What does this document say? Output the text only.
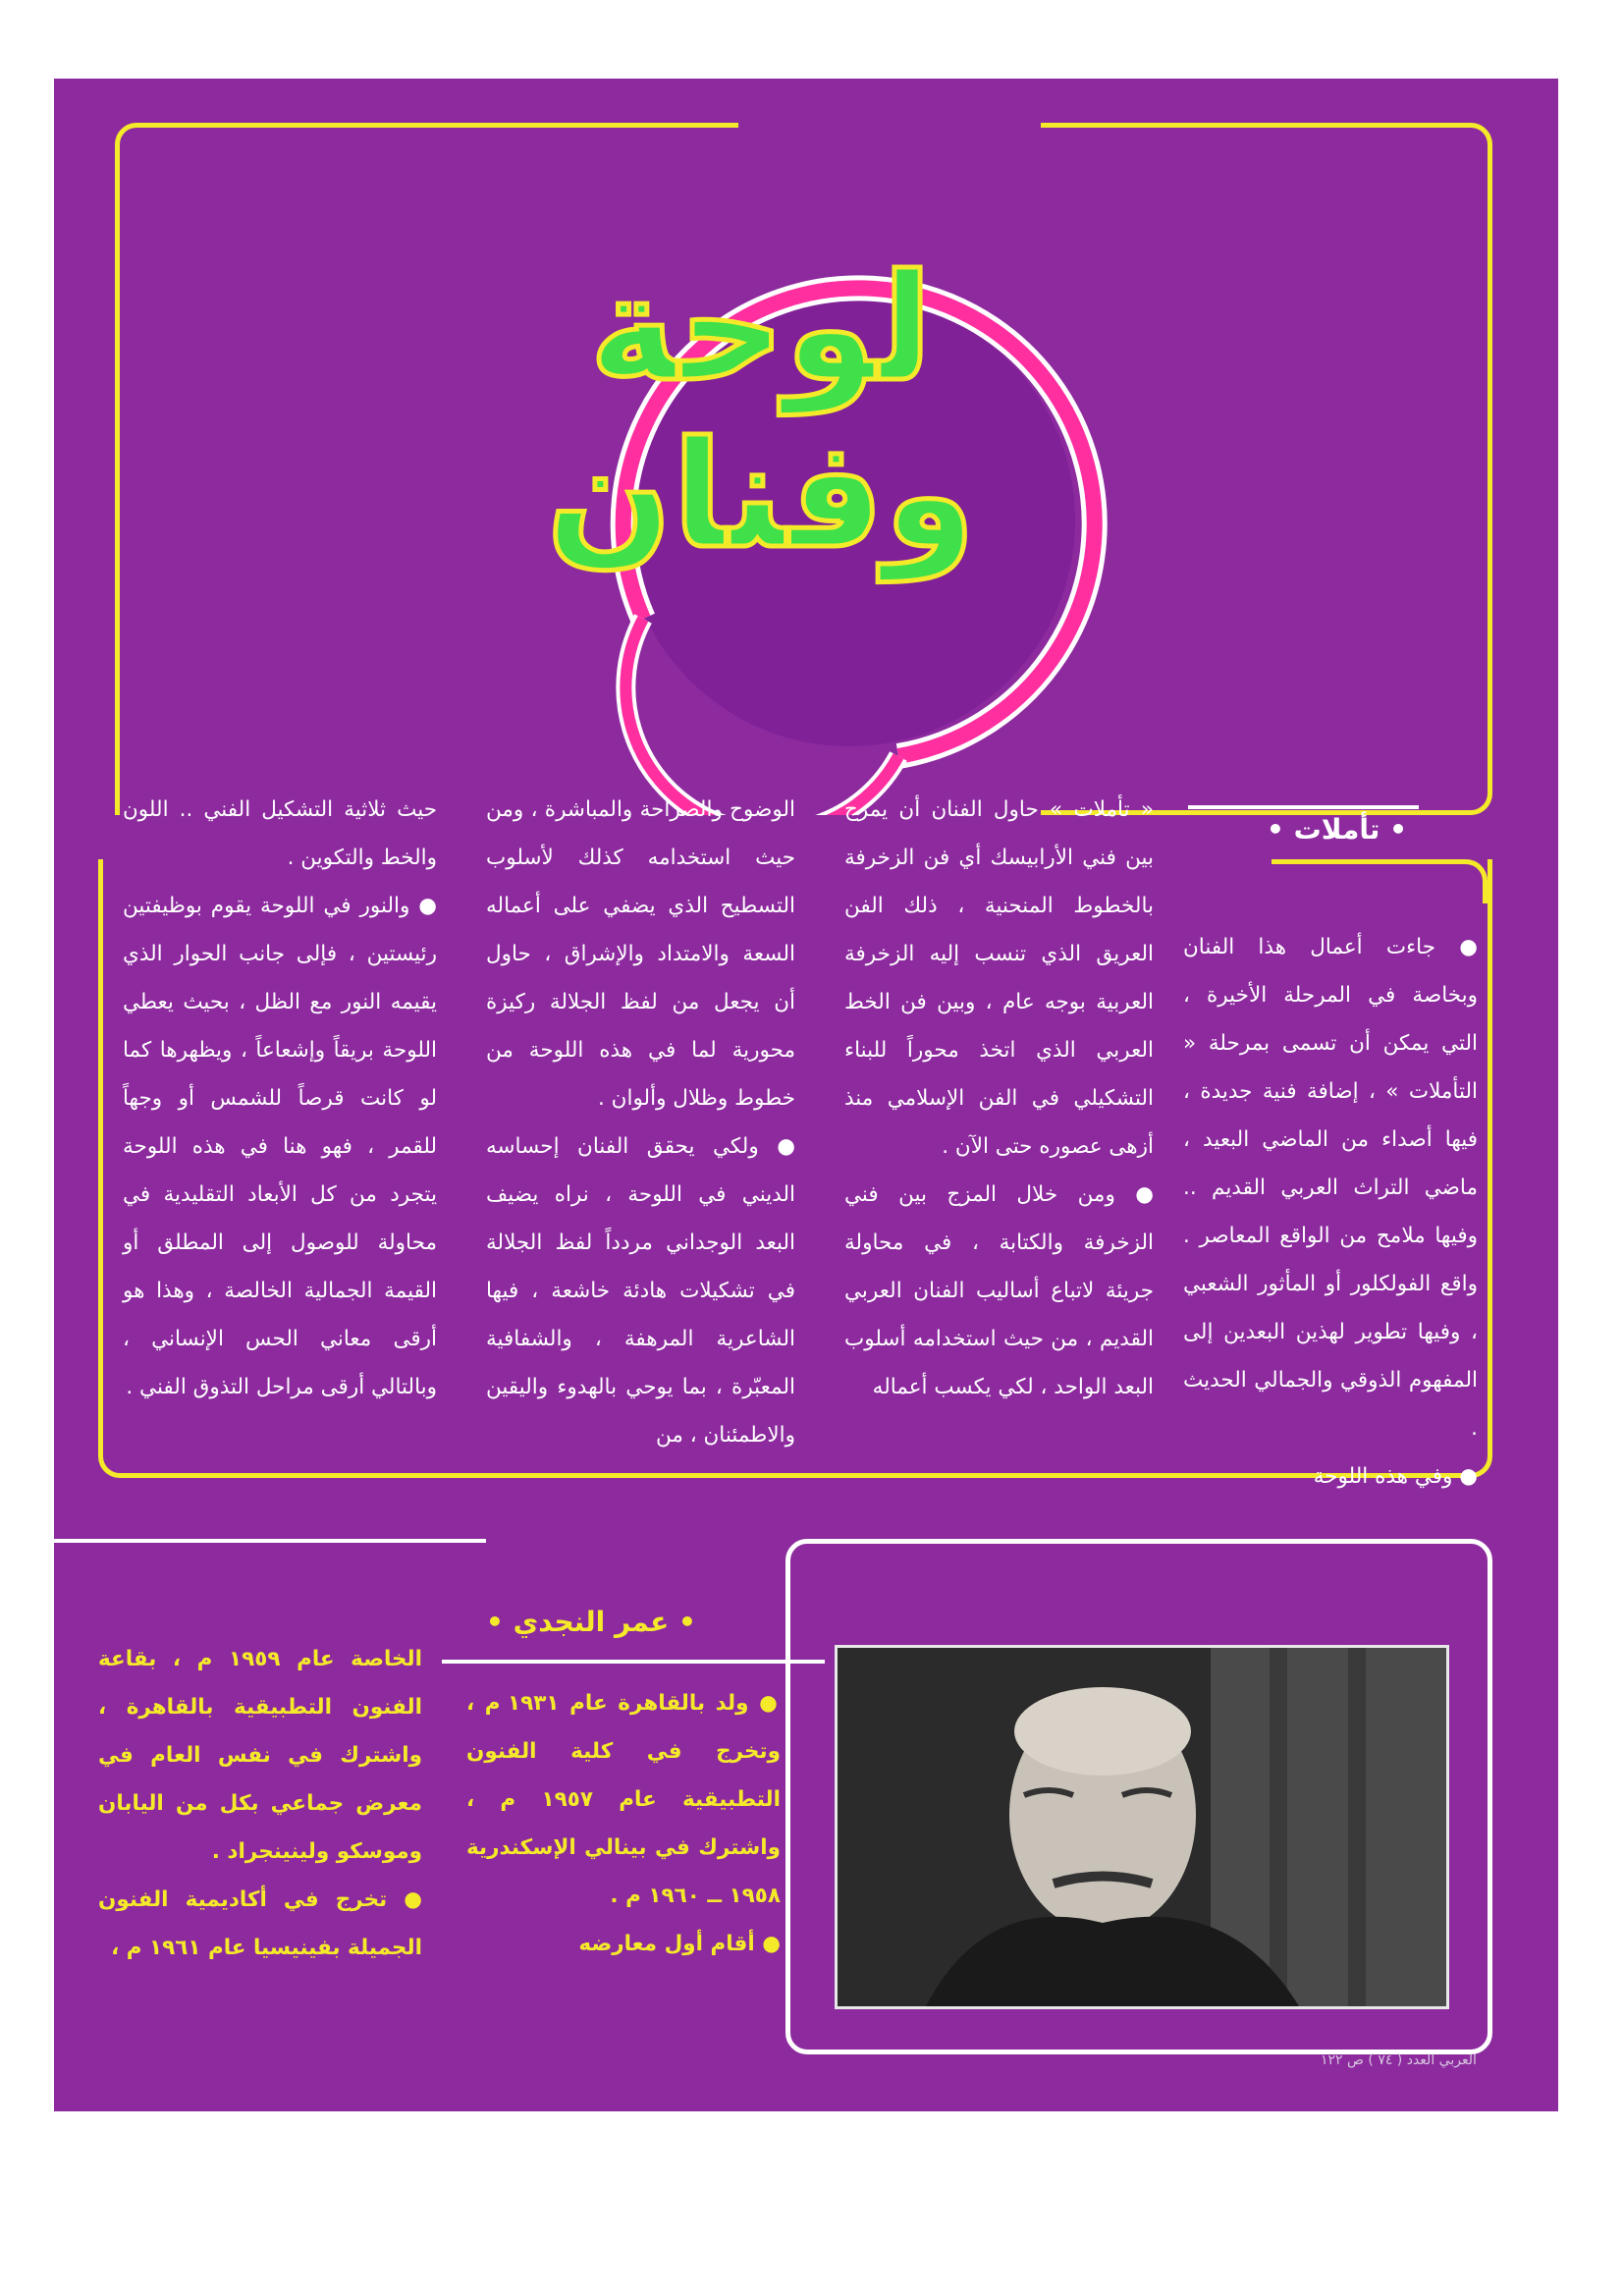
لوحة
وفنان
• تأملات •

● جاءت أعمال هذا الفنان وبخاصة في المرحلة الأخيرة ، التي يمكن أن تسمى بمرحلة « التأملات » ، إضافة فنية جديدة ، فيها أصداء من الماضي البعيد ، ماضي التراث العربي القديم .. وفيها ملامح من الواقع المعاصر . واقع الفولكلور أو المأثور الشعبي ، وفيها تطوير لهذين البعدين إلى المفهوم الذوقي والجمالي الحديث .

● وفي هذه اللوحة

« تأملات » حاول الفنان أن يمزج بين فني الأرابيسك أي فن الزخرفة بالخطوط المنحنية ، ذلك الفن العريق الذي تنسب إليه الزخرفة العربية بوجه عام ، وبين فن الخط العربي الذي اتخذ محوراً للبناء التشكيلي في الفن الإسلامي منذ أزهى عصوره حتى الآن .

● ومن خلال المزج بين فني الزخرفة والكتابة ، في محاولة جريئة لاتباع أساليب الفنان العربي القديم ، من حيث استخدامه أسلوب البعد الواحد ، لكي يكسب أعماله

الوضوح والصراحة والمباشرة ، ومن حيث استخدامه كذلك لأسلوب التسطيح الذي يضفي على أعماله السعة والامتداد والإشراق ، حاول أن يجعل من لفظ الجلالة ركيزة محورية لما في هذه اللوحة من خطوط وظلال وألوان .

● ولكي يحقق الفنان إحساسه الديني في اللوحة ، نراه يضيف البعد الوجداني مردداً لفظ الجلالة في تشكيلات هادئة خاشعة ، فيها الشاعرية المرهفة ، والشفافية المعبّرة ، بما يوحي بالهدوء واليقين والاطمئنان ، من

حيث ثلاثية التشكيل الفني .. اللون والخط والتكوين .

● والنور في اللوحة يقوم بوظيفتين رئيستين ، فإلى جانب الحوار الذي يقيمه النور مع الظل ، بحيث يعطي اللوحة بريقاً وإشعاعاً ، ويظهرها كما لو كانت قرصاً للشمس أو وجهاً للقمر ، فهو هنا في هذه اللوحة يتجرد من كل الأبعاد التقليدية في محاولة للوصول إلى المطلق أو القيمة الجمالية الخالصة ، وهذا هو أرقى معاني الحس الإنساني ، وبالتالي أرقى مراحل التذوق الفني .

• عمر النجدي •

● ولد بالقاهرة عام ١٩٣١ م ، وتخرج في كلية الفنون التطبيقية عام ١٩٥٧ م ، واشترك في بينالي الإسكندرية ١٩٥٨ ــ ١٩٦٠ م .

● أقام أول معارضه

الخاصة عام ١٩٥٩ م ، بقاعة الفنون التطبيقية بالقاهرة ، واشترك في نفس العام في معرض جماعي بكل من اليابان وموسكو ولينينجراد .

● تخرج في أكاديمية الفنون الجميلة بفينيسيا عام ١٩٦١ م ،

العربي العدد ( ٧٤ ) ص ١٢٢
